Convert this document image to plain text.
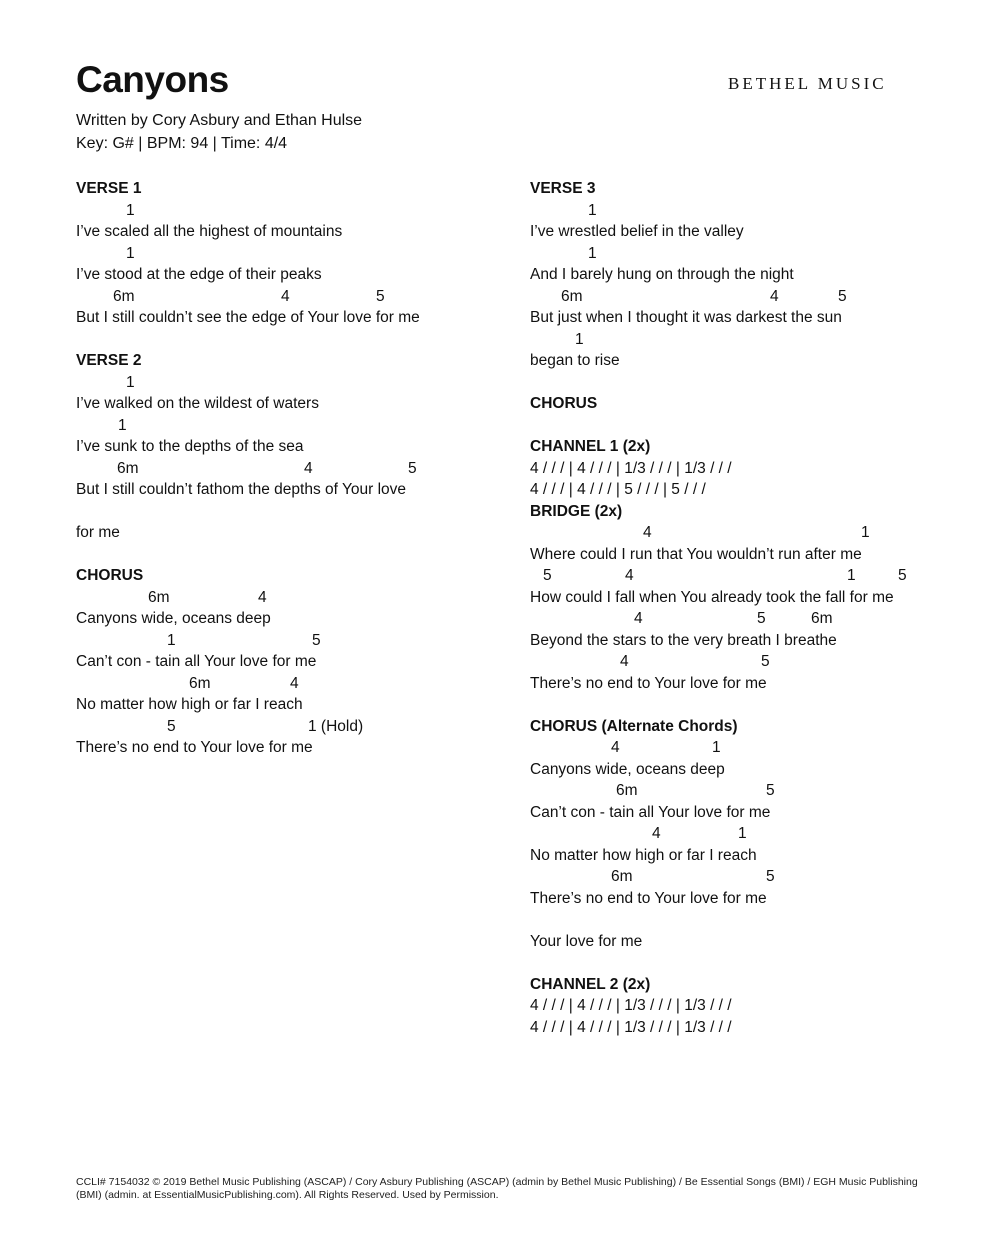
Canyons	BETHEL MUSIC
Written by Cory Asbury and Ethan Hulse
Key: G# | BPM: 94 | Time: 4/4
VERSE 1
1
I’ve scaled all the highest of mountains
1
I’ve stood at the edge of their peaks
6m	4	5
But I still couldn’t see the edge of Your love for me
VERSE 2
1
I’ve walked on the wildest of waters
1
I’ve sunk to the depths of the sea
6m	4	5
But I still couldn’t fathom the depths of Your love
for me
CHORUS
6m	4
Canyons wide, oceans deep
1	5
Can’t con - tain all Your love for me
6m	4
No matter how high or far I reach
5	1 (Hold)
There’s no end to Your love for me
VERSE 3
1
I’ve wrestled belief in the valley
1
And I barely hung on through the night
6m	4	5
But just when I thought it was darkest the sun
1
began to rise
CHORUS
CHANNEL 1 (2x)
4 / / / | 4 / / / | 1/3 / / / | 1/3 / / /
4 / / / | 4 / / / | 5 / / / | 5 / / /
BRIDGE (2x)
4	1
Where could I run that You wouldn’t run after me
5	4	1	5
How could I fall when You already took the fall for me
4	5	6m
Beyond the stars to the very breath I breathe
4	5
There’s no end to Your love for me
CHORUS (Alternate Chords)
4	1
Canyons wide, oceans deep
6m	5
Can’t con - tain all Your love for me
4	1
No matter how high or far I reach
6m	5
There’s no end to Your love for me
Your love for me
CHANNEL 2 (2x)
4 / / / | 4 / / / | 1/3 / / / | 1/3 / / /
4 / / / | 4 / / / | 1/3 / / / | 1/3 / / /
CCLI# 7154032 © 2019 Bethel Music Publishing (ASCAP) / Cory Asbury Publishing (ASCAP) (admin by Bethel Music Publishing) / Be Essential Songs (BMI) / EGH Music Publishing (BMI) (admin. at EssentialMusicPublishing.com). All Rights Reserved. Used by Permission.
